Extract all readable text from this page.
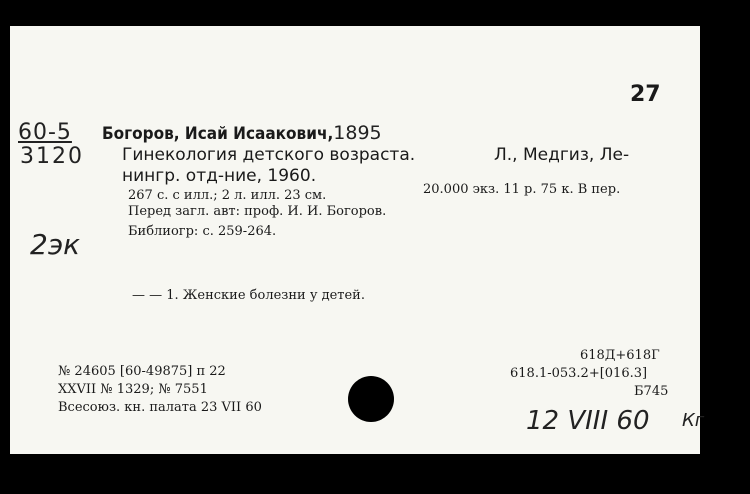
27
60-5
3120
Богоров, Исай Исаакович,1895
Гинекология детского возраста.	Л., Медгиз, Ле-
нингр. отд-ние, 1960.
267 с. с илл.; 2 л. илл. 23 см.	20.000 экз. 11 р. 75 к. В пер.
Перед загл. авт: проф. И. И. Богоров.
Библиогр: с. 259-264.
2эк
— — 1. Женские болезни у детей.
№ 24605 [60-49875] п 22
XXVII № 1329; № 7551
Всесоюз. кн. палата 23 VII 60
618Д+618Г
618.1-053.2+[016.3]
Б745
12 VIII 60 Кг
